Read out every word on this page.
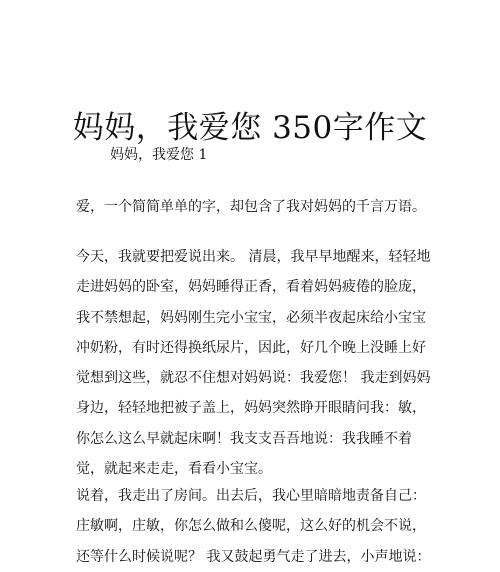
妈妈，我爱您 350字作文
妈妈，我爱您 1

爱，一个简简单单的字，却包含了我对妈妈的千言万语。

今天，我就要把爱说出来。 清晨，我早早地醒来，轻轻地
走进妈妈的卧室，妈妈睡得正香，看着妈妈疲倦的脸庞，
我不禁想起，妈妈刚生完小宝宝，必须半夜起床给小宝宝
冲奶粉，有时还得换纸尿片，因此，好几个晚上没睡上好
觉想到这些，就忍不住想对妈妈说：我爱您！ 我走到妈妈
身边，轻轻地把被子盖上，妈妈突然睁开眼睛问我：敏，
你怎么这么早就起床啊！我支支吾吾地说：我我睡不着
觉，就起来走走，看看小宝宝。

说着，我走出了房间。出去后，我心里暗暗地责备自己：
庄敏啊，庄敏，你怎么做和么傻呢，这么好的机会不说，
还等什么时候说呢？ 我又鼓起勇气走了进去，小声地说：
